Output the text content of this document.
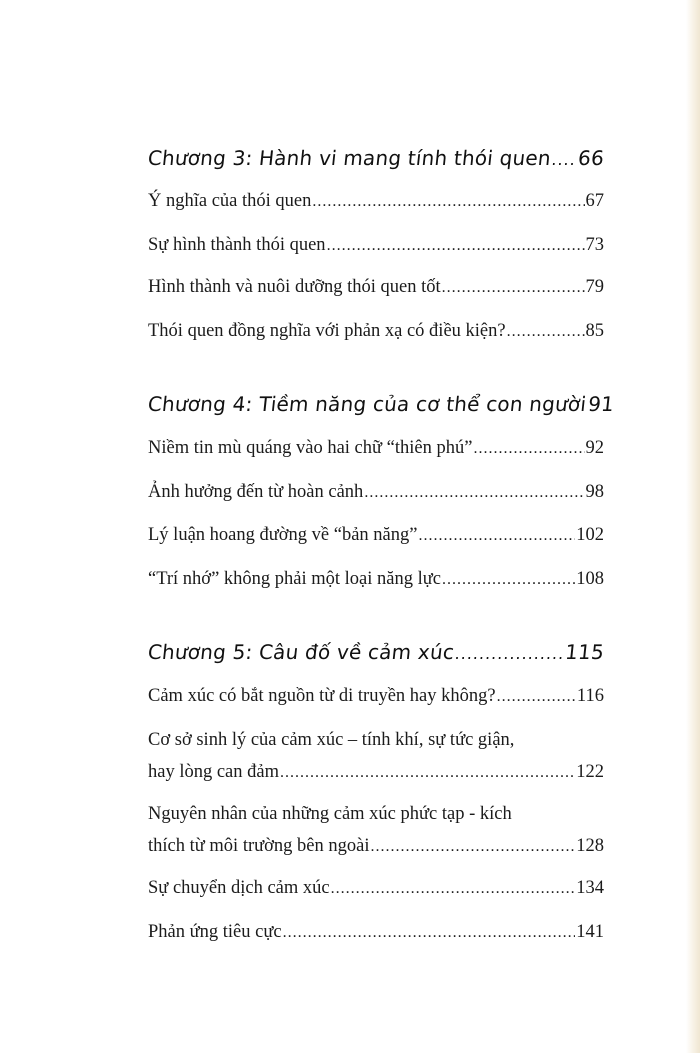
Chương 3: Hành vi mang tính thói quen ..... 66
Ý nghĩa của thói quen .....	67
Sự hình thành thói quen .....	73
Hình thành và nuôi dưỡng thói quen tốt .....	79
Thói quen đồng nghĩa với phản xạ có điều kiện? .....	85
Chương 4: Tiềm năng của cơ thể con người ..... 91
Niềm tin mù quáng vào hai chữ “thiên phú” .....	92
Ảnh hưởng đến từ hoàn cảnh .....	98
Lý luận hoang đường về “bản năng” .....	102
“Trí nhớ” không phải một loại năng lực .....	108
Chương 5: Câu đố về cảm xúc .....	115
Cảm xúc có bắt nguồn từ di truyền hay không? .....	116
Cơ sở sinh lý của cảm xúc – tính khí, sự tức giận,
hay lòng can đảm .....	122
Nguyên nhân của những cảm xúc phức tạp - kích
thích từ môi trường bên ngoài .....	128
Sự chuyển dịch cảm xúc .....	134
Phản ứng tiêu cực .....	141
